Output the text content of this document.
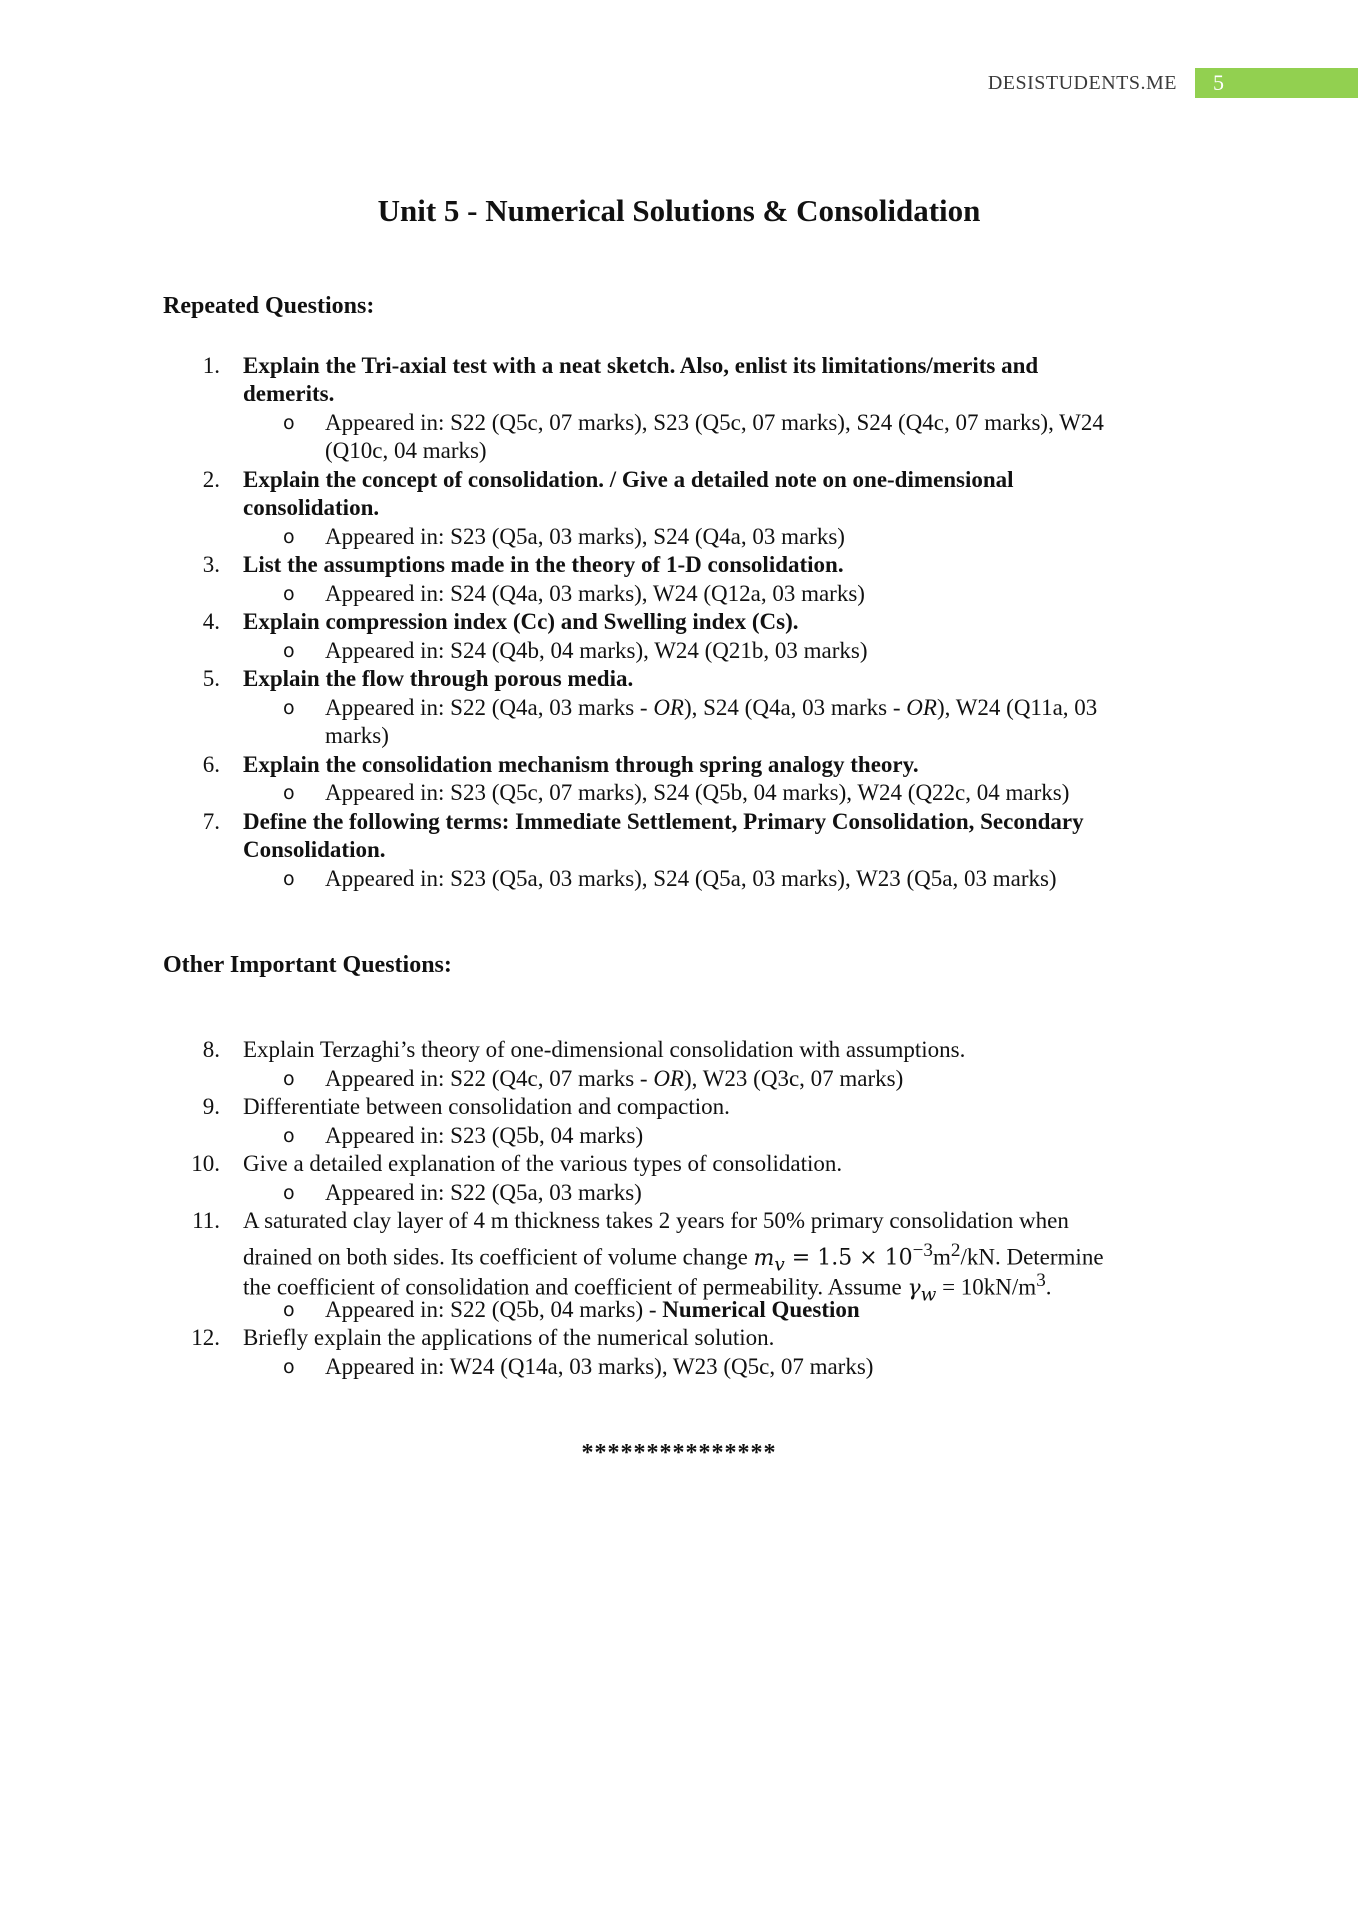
DESISTUDENTS.ME	5
Unit 5 - Numerical Solutions & Consolidation
Repeated Questions:
1. Explain the Tri-axial test with a neat sketch. Also, enlist its limitations/merits and
demerits.
o Appeared in: S22 (Q5c, 07 marks), S23 (Q5c, 07 marks), S24 (Q4c, 07 marks), W24
(Q10c, 04 marks)
2. Explain the concept of consolidation. / Give a detailed note on one-dimensional
consolidation.
o Appeared in: S23 (Q5a, 03 marks), S24 (Q4a, 03 marks)
3. List the assumptions made in the theory of 1-D consolidation.
o Appeared in: S24 (Q4a, 03 marks), W24 (Q12a, 03 marks)
4. Explain compression index (Cc) and Swelling index (Cs).
o Appeared in: S24 (Q4b, 04 marks), W24 (Q21b, 03 marks)
5. Explain the flow through porous media.
o Appeared in: S22 (Q4a, 03 marks - OR), S24 (Q4a, 03 marks - OR), W24 (Q11a, 03
marks)
6. Explain the consolidation mechanism through spring analogy theory.
o Appeared in: S23 (Q5c, 07 marks), S24 (Q5b, 04 marks), W24 (Q22c, 04 marks)
7. Define the following terms: Immediate Settlement, Primary Consolidation, Secondary
Consolidation.
o Appeared in: S23 (Q5a, 03 marks), S24 (Q5a, 03 marks), W23 (Q5a, 03 marks)
Other Important Questions:
8. Explain Terzaghi’s theory of one-dimensional consolidation with assumptions.
o Appeared in: S22 (Q4c, 07 marks - OR), W23 (Q3c, 07 marks)
9. Differentiate between consolidation and compaction.
o Appeared in: S23 (Q5b, 04 marks)
10. Give a detailed explanation of the various types of consolidation.
o Appeared in: S22 (Q5a, 03 marks)
11. A saturated clay layer of 4 m thickness takes 2 years for 50% primary consolidation when
drained on both sides. Its coefficient of volume change $m_v = 1.5 \times 10^{-3}m^2/kN$. Determine
the coefficient of consolidation and coefficient of permeability. Assume $\gamma_w = 10kN/m^3$.
o Appeared in: S22 (Q5b, 04 marks) - Numerical Question
12. Briefly explain the applications of the numerical solution.
o Appeared in: W24 (Q14a, 03 marks), W23 (Q5c, 07 marks)
***************
